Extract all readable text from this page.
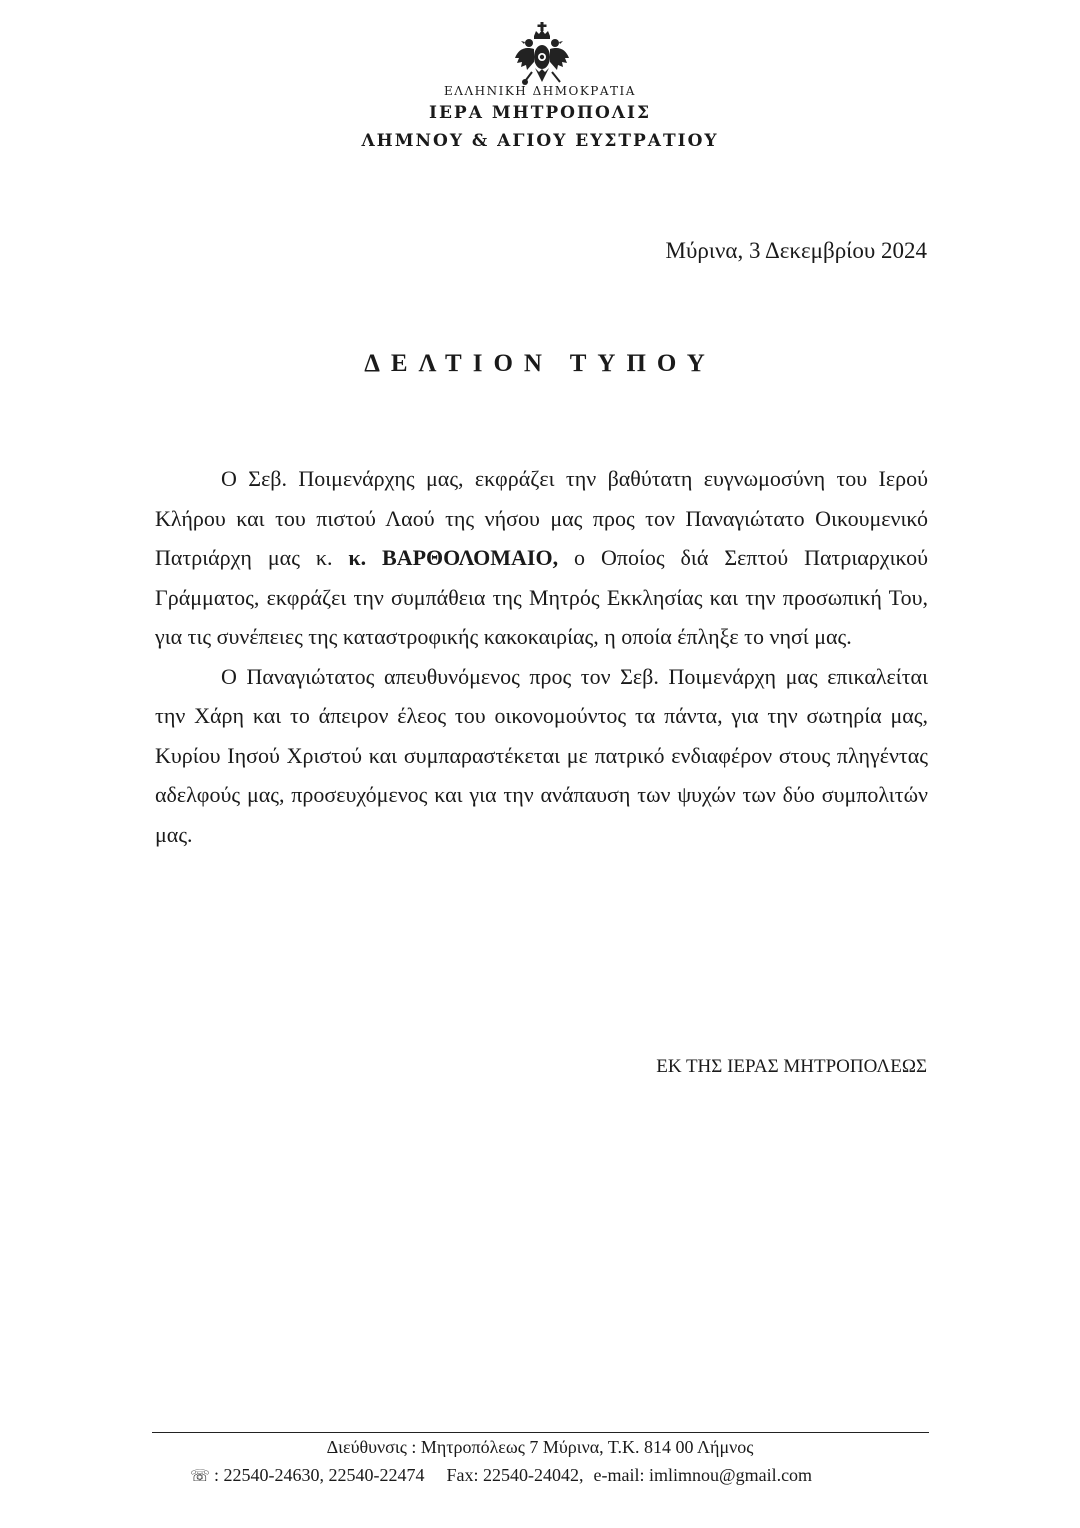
ΕΛΛΗΝΙΚΗ ΔΗΜΟΚΡΑΤΙΑ
ΙΕΡΑ ΜΗΤΡΟΠΟΛΙΣ
ΛΗΜΝΟΥ & ΑΓΙΟΥ ΕΥΣΤΡΑΤΙΟΥ
Μύρινα, 3 Δεκεμβρίου 2024
ΔΕΛΤΙΟΝ ΤΥΠΟΥ

Ο Σεβ. Ποιμενάρχης μας, εκφράζει την βαθύτατη ευγνωμοσύνη του Ιερού Κλήρου και του πιστού Λαού της νήσου μας προς τον Παναγιώτατο Οικουμενικό Πατριάρχη μας κ. κ. ΒΑΡΘΟΛΟΜΑΙΟ, ο Οποίος διά Σεπτού Πατριαρχικού Γράμματος, εκφράζει την συμπάθεια της Μητρός Εκκλησίας και την προσωπική Του, για τις συνέπειες της καταστροφικής κακοκαιρίας, η οποία έπληξε το νησί μας.

Ο Παναγιώτατος απευθυνόμενος προς τον Σεβ. Ποιμενάρχη μας επικαλείται την Χάρη και το άπειρον έλεος του οικονομούντος τα πάντα, για την σωτηρία μας, Κυρίου Ιησού Χριστού και συμπαραστέκεται με πατρικό ενδιαφέρον στους πληγέντας αδελφούς μας, προσευχόμενος και για την ανάπαυση των ψυχών των δύο συμπολιτών μας.

ΕΚ ΤΗΣ ΙΕΡΑΣ ΜΗΤΡΟΠΟΛΕΩΣ
Διεύθυνσις : Μητροπόλεως 7 Μύρινα, Τ.Κ. 814 00 Λήμνος
☏ : 22540-24630, 22540-22474 Fax: 22540-24042, e-mail: imlimnou@gmail.com
